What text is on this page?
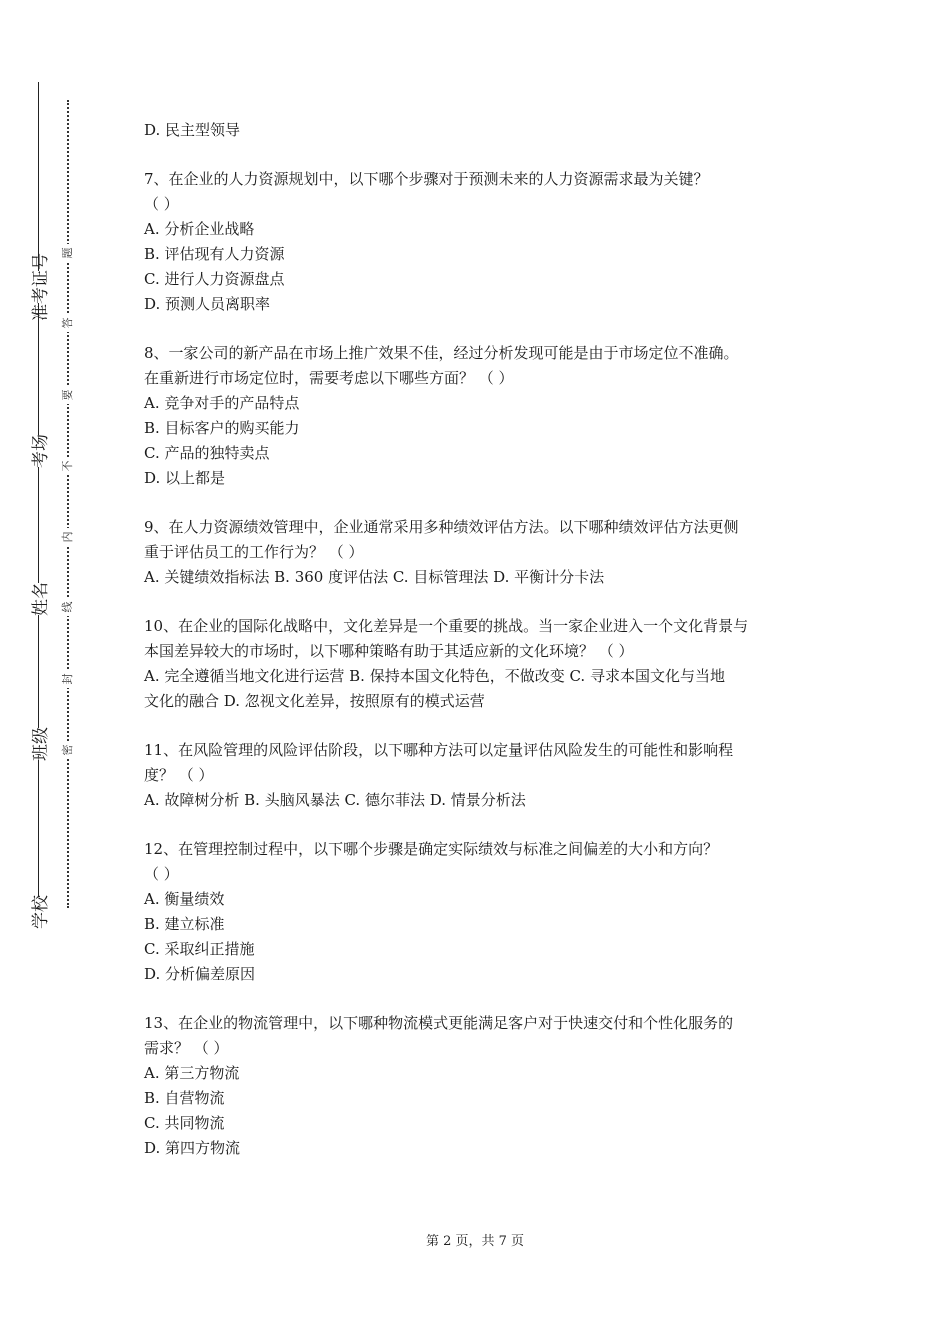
准考证号
考场
姓名
班级
学校
题
答
要
不
内
线
封
密

D. 民主型领导

7、在企业的人力资源规划中，以下哪个步骤对于预测未来的人力资源需求最为关键？

（ ）

A. 分析企业战略

B. 评估现有人力资源

C. 进行人力资源盘点

D. 预测人员离职率

8、一家公司的新产品在市场上推广效果不佳，经过分析发现可能是由于市场定位不准确。

在重新进行市场定位时，需要考虑以下哪些方面？ （ ）

A. 竞争对手的产品特点

B. 目标客户的购买能力

C. 产品的独特卖点

D. 以上都是

9、在人力资源绩效管理中，企业通常采用多种绩效评估方法。以下哪种绩效评估方法更侧

重于评估员工的工作行为？ （ ）

A. 关键绩效指标法 B. 360 度评估法 C. 目标管理法 D. 平衡计分卡法

10、在企业的国际化战略中，文化差异是一个重要的挑战。当一家企业进入一个文化背景与

本国差异较大的市场时，以下哪种策略有助于其适应新的文化环境？ （ ）

A. 完全遵循当地文化进行运营 B. 保持本国文化特色，不做改变 C. 寻求本国文化与当地

文化的融合 D. 忽视文化差异，按照原有的模式运营

11、在风险管理的风险评估阶段，以下哪种方法可以定量评估风险发生的可能性和影响程

度？ （ ）

A. 故障树分析 B. 头脑风暴法 C. 德尔菲法 D. 情景分析法

12、在管理控制过程中，以下哪个步骤是确定实际绩效与标准之间偏差的大小和方向？

（ ）

A. 衡量绩效

B. 建立标准

C. 采取纠正措施

D. 分析偏差原因

13、在企业的物流管理中，以下哪种物流模式更能满足客户对于快速交付和个性化服务的

需求？ （ ）

A. 第三方物流

B. 自营物流

C. 共同物流

D. 第四方物流

第 2 页，共 7 页
